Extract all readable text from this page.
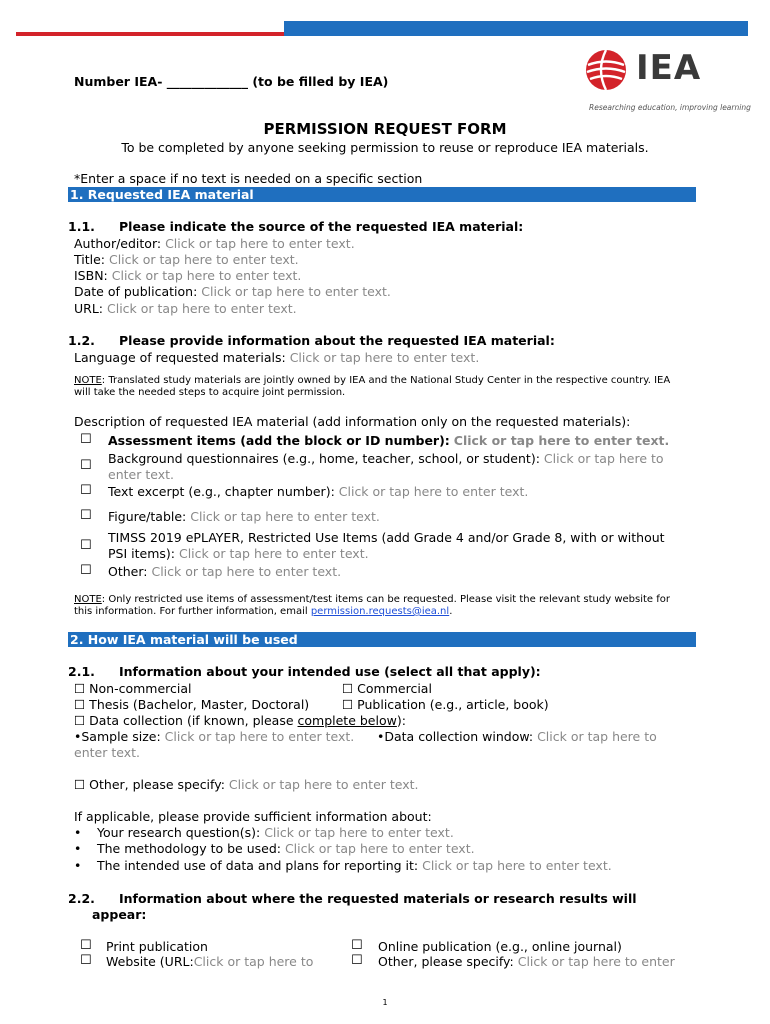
Number IEA- _____________ (to be filled by IEA)	IEA
Researching education, improving learning
PERMISSION REQUEST FORM
To be completed by anyone seeking permission to reuse or reproduce IEA materials.
*Enter a space if no text is needed on a specific section
1. Requested IEA material
1.1. Please indicate the source of the requested IEA material:
Author/editor: Click or tap here to enter text.
Title: Click or tap here to enter text.
ISBN: Click or tap here to enter text.
Date of publication: Click or tap here to enter text.
URL: Click or tap here to enter text.
1.2. Please provide information about the requested IEA material:
Language of requested materials: Click or tap here to enter text.
NOTE: Translated study materials are jointly owned by IEA and the National Study Center in the respective country. IEA
will take the needed steps to acquire joint permission.
Description of requested IEA material (add information only on the requested materials):
☐ Assessment items (add the block or ID number): Click or tap here to enter text.
☐ Background questionnaires (e.g., home, teacher, school, or student): Click or tap here to
enter text.
☐ Text excerpt (e.g., chapter number): Click or tap here to enter text.
☐ Figure/table: Click or tap here to enter text.
☐
TIMSS 2019 ePLAYER, Restricted Use Items (add Grade 4 and/or Grade 8, with or without
PSI items): Click or tap here to enter text.
☐ Other: Click or tap here to enter text.
NOTE: Only restricted use items of assessment/test items can be requested. Please visit the relevant study website for
this information. For further information, email permission.requests@iea.nl.
2. How IEA material will be used
2.1. Information about your intended use (select all that apply):
☐ Non-commercial	☐ Commercial
☐ Thesis (Bachelor, Master, Doctoral)	☐ Publication (e.g., article, book)
☐ Data collection (if known, please complete below):
•Sample size: Click or tap here to enter text. •Data collection window: Click or tap here to
enter text.
☐ Other, please specify: Click or tap here to enter text.
If applicable, please provide sufficient information about:
• Your research question(s): Click or tap here to enter text.
• The methodology to be used: Click or tap here to enter text.
• The intended use of data and plans for reporting it: Click or tap here to enter text.
2.2. Information about where the requested materials or research results will
appear:
☐ Print publication	☐ Online publication (e.g., online journal)
☐ Website (URL:Click or tap here to	☐ Other, please specify: Click or tap here to enter
1
